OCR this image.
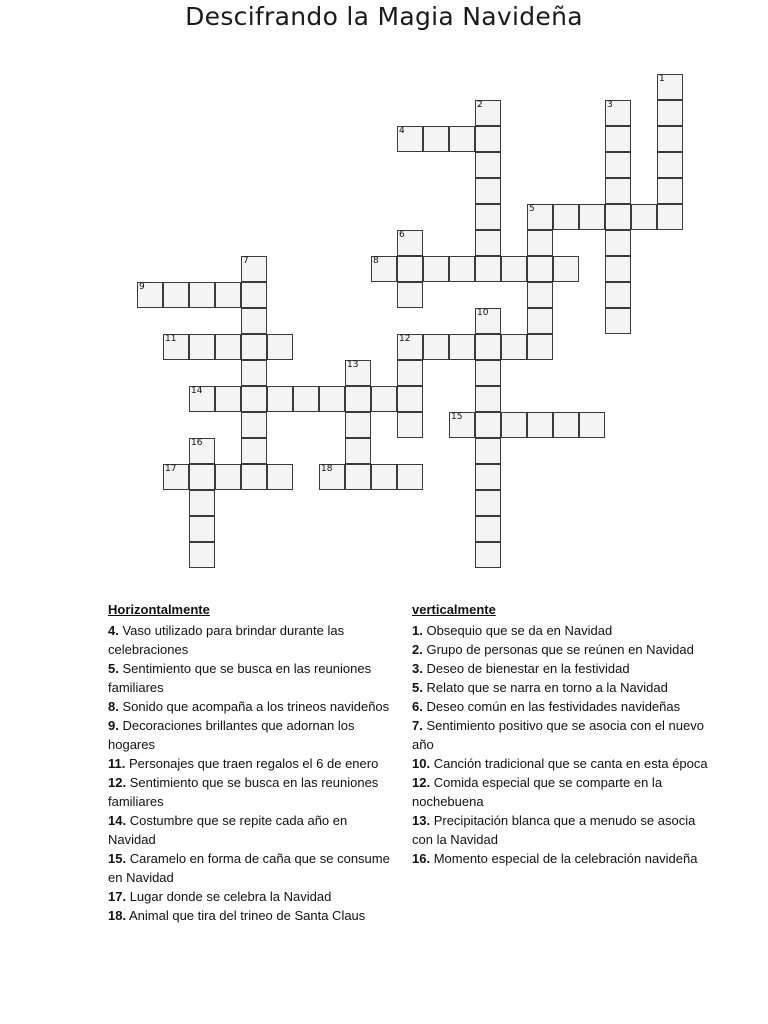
Descifrando la Magia Navideña
4
5
8
9
11	12
14
15
17	18
1
2	3
6
7
10
13
16
Horizontalmente
4. Vaso utilizado para brindar durante las celebraciones
5. Sentimiento que se busca en las reuniones familiares
8. Sonido que acompaña a los trineos navideños
9. Decoraciones brillantes que adornan los hogares
11. Personajes que traen regalos el 6 de enero
12. Sentimiento que se busca en las reuniones familiares
14. Costumbre que se repite cada año en Navidad
15. Caramelo en forma de caña que se consume en Navidad
17. Lugar donde se celebra la Navidad
18. Animal que tira del trineo de Santa Claus
verticalmente
1. Obsequio que se da en Navidad
2. Grupo de personas que se reúnen en Navidad
3. Deseo de bienestar en la festividad
5. Relato que se narra en torno a la Navidad
6. Deseo común en las festividades navideñas
7. Sentimiento positivo que se asocia con el nuevo año
10. Canción tradicional que se canta en esta época
12. Comida especial que se comparte en la nochebuena
13. Precipitación blanca que a menudo se asocia con la Navidad
16. Momento especial de la celebración navideña
